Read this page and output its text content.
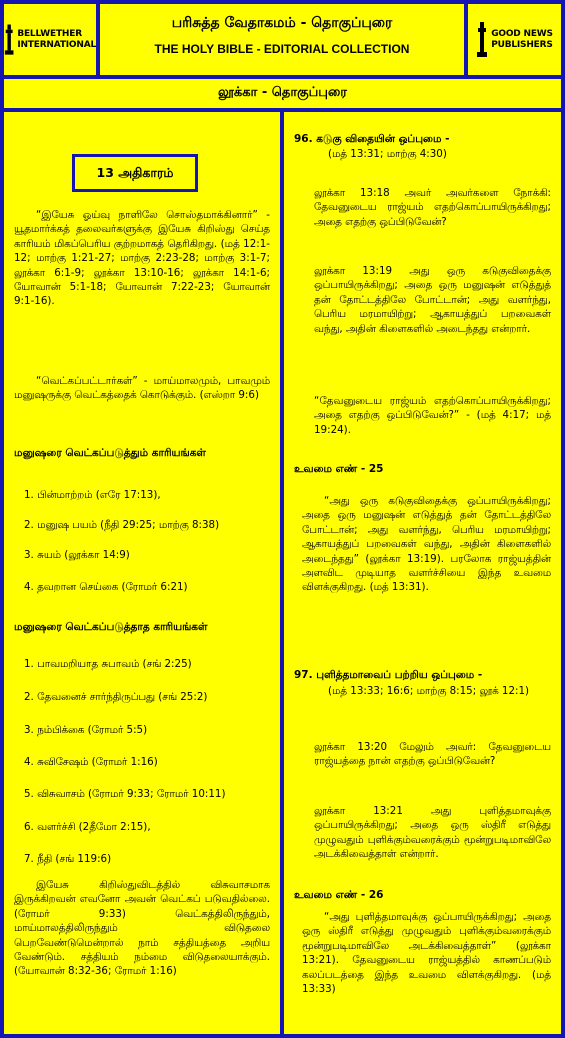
BELLWETHER
INTERNATIONAL
பரிசுத்த வேதாகமம் - தொகுப்புரை
THE HOLY BIBLE - EDITORIAL COLLECTION
GOOD NEWS
PUBLISHERS
லூக்கா - தொகுப்புரை
13 அதிகாரம்
“இயேசு ஓய்வு நாளிலே சொஸ்தமாக்கினார்” - யூதமார்க்கத் தலைவர்களுக்கு இயேசு கிறிஸ்து செய்த காரியம் மிகப்பெரிய குற்றமாகத் தெரிகிறது. (மத் 12:1-12; மாற்கு 1:21-27; மாற்கு 2:23-28; மாற்கு 3:1-7; லூக்கா 6:1-9; லூக்கா 13:10-16; லூக்கா 14:1-6; யோவான் 5:1-18; யோவான் 7:22-23; யோவான் 9:1-16).
“வெட்கப்பட்டார்கள்” - மாய்மாலமும், பாவமும் மனுஷருக்கு வெட்கத்தைக் கொடுக்கும். (எஸ்றா 9:6)
மனுஷரை வெட்கப்படுத்தும் காரியங்கள்
1. பின்மாற்றம் (எரே 17:13),
2. மனுஷ பயம் (நீதி 29:25; மாற்கு 8:38)
3. சுயம் (லூக்கா 14:9)
4. தவறான செய்கை (ரோமர் 6:21)
மனுஷரை வெட்கப்படுத்தாத காரியங்கள்
1. பாவமறியாத சுபாவம் (சங் 2:25)
2. தேவனைச் சார்ந்திருப்பது (சங் 25:2)
3. நம்பிக்கை (ரோமர் 5:5)
4. சுவிசேஷம் (ரோமர் 1:16)
5. விசுவாசம் (ரோமர் 9:33; ரோமர் 10:11)
6. வளர்ச்சி (2தீமோ 2:15),
7. நீதி (சங் 119:6)
இயேசு கிறிஸ்துவிடத்தில் விசுவாசமாக இருக்கிறவன் எவனோ அவன் வெட்கப் படுவதில்லை. (ரோமர் 9:33) வெட்கத்திலிருந்தும், மாய்மாலத்திலிருந்தும் விடுதலை பெறவேண்டுமென்றால் நாம் சத்தியத்தை அறிய வேண்டும். சத்தியம் நம்மை விடுதலையாக்கும். (யோவான் 8:32-36; ரோமர் 1:16)
96. கடுகு விதையின் ஒப்புமை -
(மத் 13:31; மாற்கு 4:30)
லூக்கா 13:18 அவர் அவர்களை நோக்கி: தேவனுடைய ராஜ்யம் எதற்கொப்பாயிருக்கிறது; அதை எதற்கு ஒப்பிடுவேன்?
லூக்கா 13:19 அது ஒரு கடுகுவிதைக்கு ஒப்பாயிருக்கிறது; அதை ஒரு மனுஷன் எடுத்துத் தன் தோட்டத்திலே போட்டான்; அது வளர்ந்து, பெரிய மரமாயிற்று; ஆகாயத்துப் பறவைகள் வந்து, அதின் கிளைகளில் அடைந்தது என்றார்.
“தேவனுடைய ராஜ்யம் எதற்கொப்பாயிருக்கிறது; அதை எதற்கு ஒப்பிடுவேன்?” - (மத் 4:17; மத் 19:24).
உவமை எண் - 25
“அது ஒரு கடுகுவிதைக்கு ஒப்பாயிருக்கிறது; அதை ஒரு மனுஷன் எடுத்துத் தன் தோட்டத்திலே போட்டான்; அது வளர்ந்து, பெரிய மரமாயிற்று; ஆகாயத்துப் பறவைகள் வந்து, அதின் கிளைகளில் அடைந்தது” (லூக்கா 13:19). பரலோக ராஜ்யத்தின் அளவிட முடியாத வளர்ச்சியை இந்த உவமை விளக்குகிறது. (மத் 13:31).
97. புளித்தமாவைப் பற்றிய ஒப்புமை -
(மத் 13:33; 16:6; மாற்கு 8:15; லூக் 12:1)
லூக்கா 13:20 மேலும் அவர்: தேவனுடைய ராஜ்யத்தை நான் எதற்கு ஒப்பிடுவேன்?
லூக்கா 13:21 அது புளித்தமாவுக்கு ஒப்பாயிருக்கிறது; அதை ஒரு ஸ்திரீ எடுத்து முழுவதும் புளிக்கும்வரைக்கும் மூன்றுபடிமாவிலே அடக்கிவைத்தாள் என்றார்.
உவமை எண் - 26
“அது புளித்தமாவுக்கு ஒப்பாயிருக்கிறது; அதை ஒரு ஸ்திரீ எடுத்து முழுவதும் புளிக்கும்வரைக்கும் மூன்றுபடிமாவிலே அடக்கிவைத்தாள்” (லூக்கா 13:21). தேவனுடைய ராஜ்யத்தில் காணப்படும் கலப்படத்தை இந்த உவமை விளக்குகிறது. (மத் 13:33)
